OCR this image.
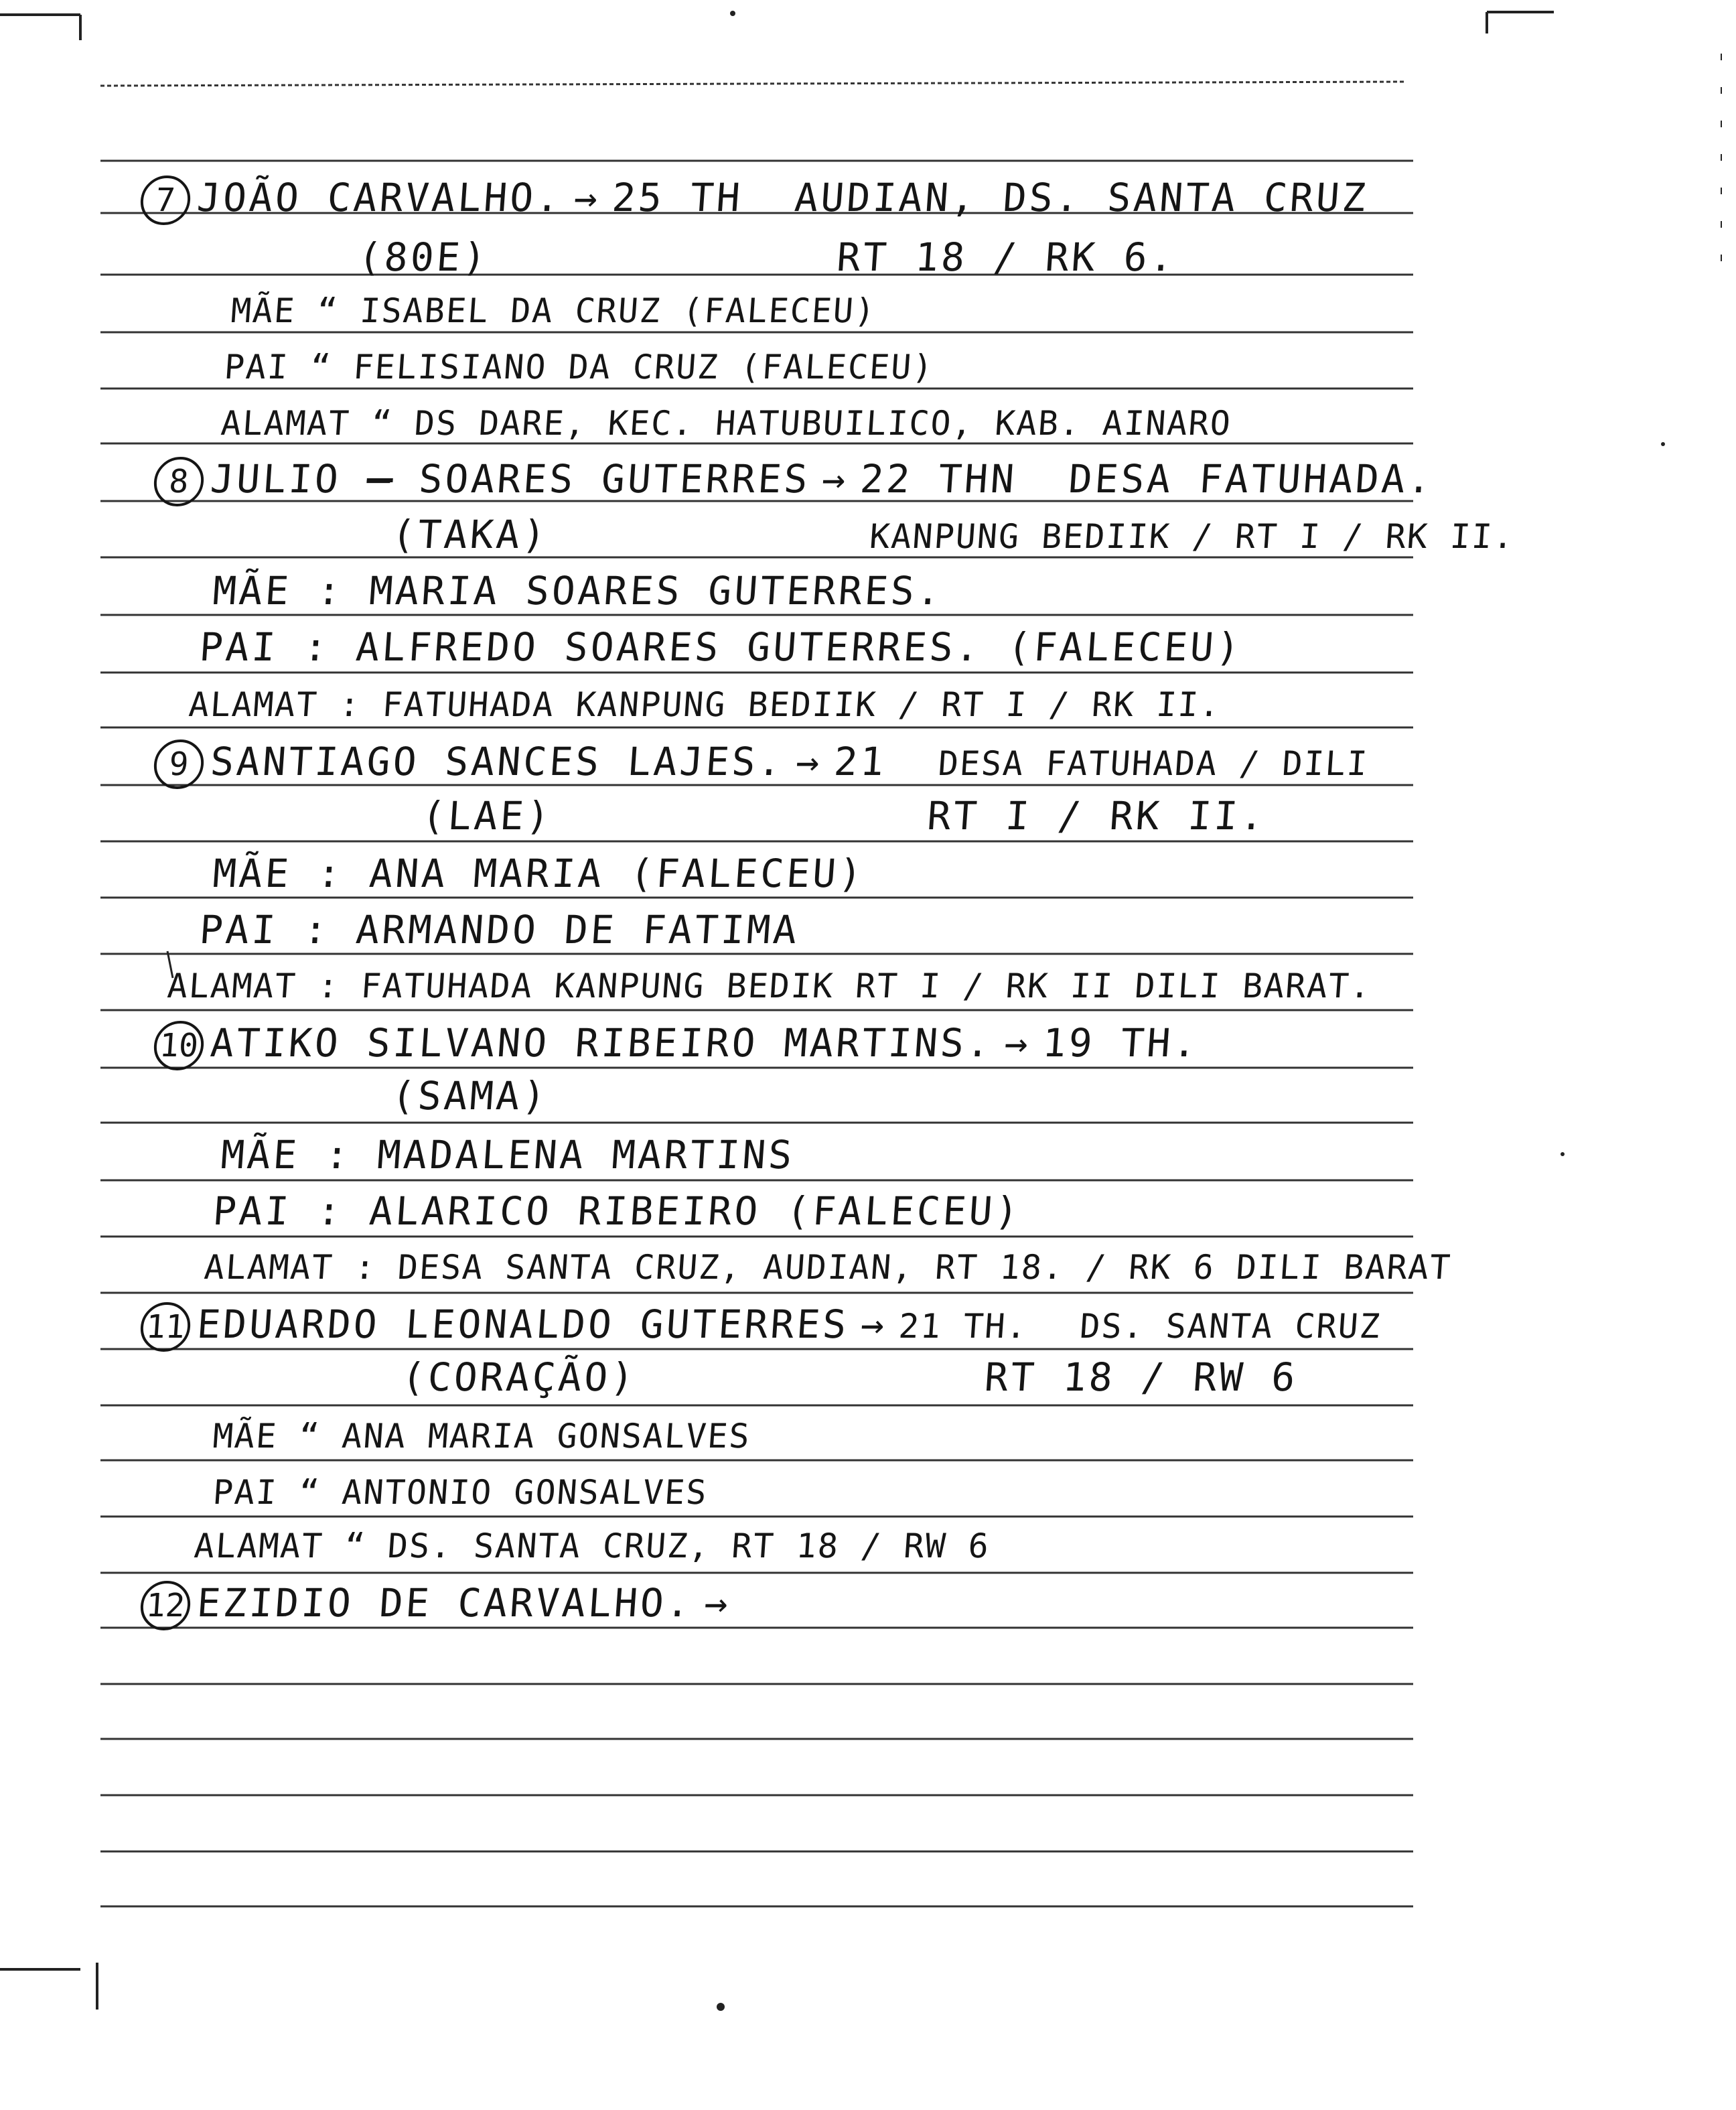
7 JOÃO CARVALHO. → 25 TH AUDIAN, DS. SANTA CRUZ
(80E)	RT 18 / RK 6.
MÃE “ ISABEL DA CRUZ (FALECEU)
PAI “ FELISIANO DA CRUZ (FALECEU)
ALAMAT “ DS DARE, KEC. HATUBUILICO, KAB. AINARO
8 JULIO — SOARES GUTERRES → 22 THN DESA FATUHADA.
(TAKA)	KANPUNG BEDIIK / RT I / RK II.
MÃE : MARIA SOARES GUTERRES.
PAI : ALFREDO SOARES GUTERRES. (FALECEU)
ALAMAT : FATUHADA KANPUNG BEDIIK / RT I / RK II.
9 SANTIAGO SANCES LAJES. → 21 DESA FATUHADA / DILI
(LAE)	RT I / RK II.
MÃE : ANA MARIA (FALECEU)
PAI : ARMANDO DE FATIMA
ALAMAT : FATUHADA KANPUNG BEDIK RT I / RK II DILI BARAT.
10 ATIKO SILVANO RIBEIRO MARTINS. → 19 TH.
(SAMA)
MÃE : MADALENA MARTINS
PAI : ALARICO RIBEIRO (FALECEU)
ALAMAT : DESA SANTA CRUZ, AUDIAN, RT 18. / RK 6 DILI BARAT
11 EDUARDO LEONALDO GUTERRES → 21 TH. DS. SANTA CRUZ
(CORAÇÃO)	RT 18 / RW 6
MÃE “ ANA MARIA GONSALVES
PAI “ ANTONIO GONSALVES
ALAMAT “ DS. SANTA CRUZ, RT 18 / RW 6
12 EZIDIO DE CARVALHO. →
